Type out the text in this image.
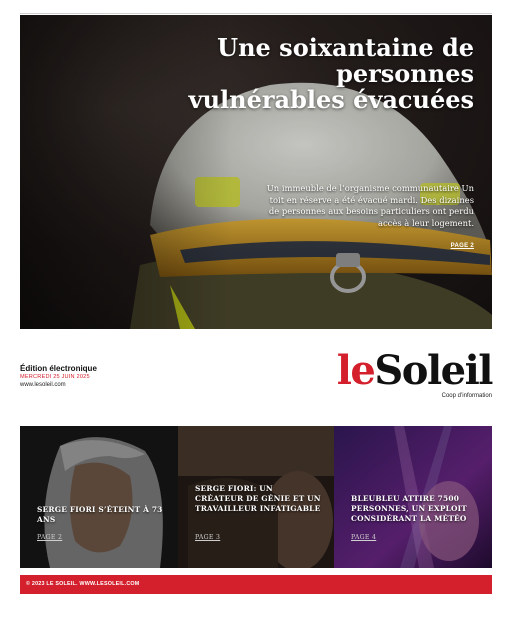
Une soixantaine de personnes vulnérables évacuées

Un immeuble de l’organisme communautaire Un toit en réserve a été évacué mardi. Des dizaines de personnes aux besoins particuliers ont perdu accès à leur logement.

PAGE 2

Édition électronique

MERCREDI 25 JUIN 2025

www.lesoleil.com	leSoleil
Coop d’information

SERGE FIORI S’ÉTEINT À 73 ANS

PAGE 2

SERGE FIORI: UN CRÉATEUR DE GÉNIE ET UN TRAVAILLEUR INFATIGABLE

PAGE 3

BLEUBLEU ATTIRE 7500 PERSONNES, UN EXPLOIT CONSIDÉRANT LA MÉTÉO

PAGE 4
© 2023 LE SOLEIL. WWW.LESOLEIL.COM
